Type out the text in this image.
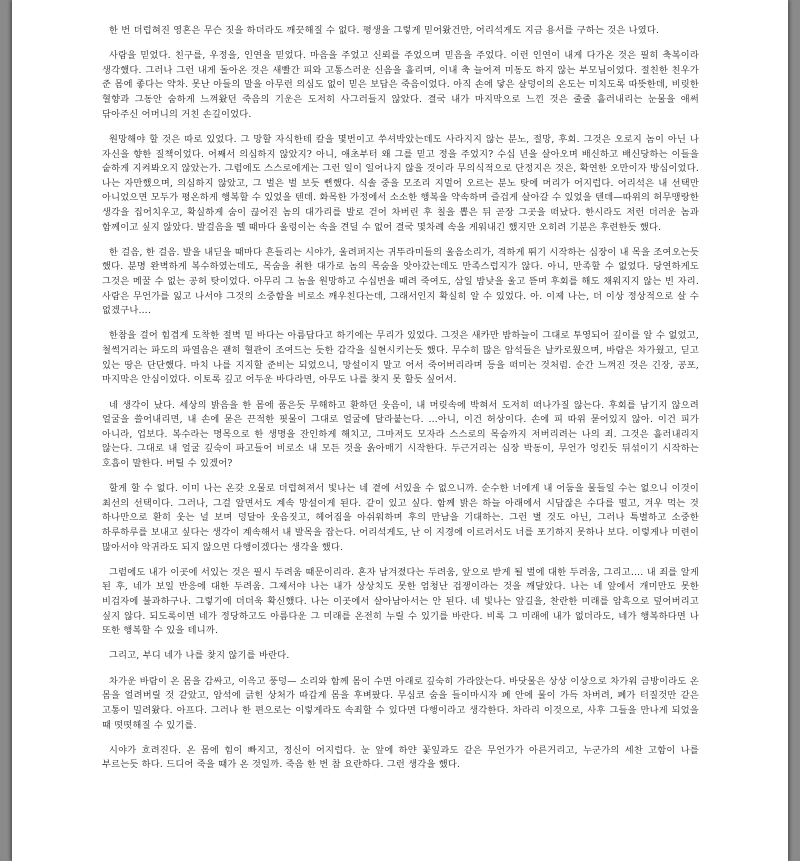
한 번 더럽혀진 영혼은 무슨 짓을 하더라도 깨끗해질 수 없다. 평생을 그렇게 믿어왔건만, 어리석게도 지금 용서를 구하는 것은 나였다.

사람을 믿었다. 친구를, 우정을, 인연을 믿었다. 마음을 주었고 신뢰를 주었으며 믿음을 주었다. 이런 인연이 내게 다가온 것은 필히 축복이라 생각했다. 그러나 그런 내게 돌아온 것은 새빨간 피와 고통스러운 신음을 흘리며, 이내 축 늘어져 미동도 하지 않는 부모님이었다. 절친한 친우가 준 몸에 좋다는 약차. 못난 아들의 말을 아무런 의심도 없이 믿은 보답은 죽음이었다. 아직 손에 닿은 살덩이의 온도는 미치도록 따뜻한데, 비릿한 혈향과 그동안 숨하게 느껴왔던 죽음의 기운은 도저히 사그러들지 않았다. 결국 내가 마지막으로 느낀 것은 줄줄 흘러내리는 눈물을 애써 닦아주신 어머니의 거친 손길이었다.

원망해야 할 것은 따로 있었다. 그 망할 자식한테 칼을 몇번이고 쑤셔박았는데도 사라지지 않는 분노, 절망, 후회. 그것은 오로지 놈이 아닌 나 자신을 향한 질책이었다. 어째서 의심하지 않았지? 아니, 애초부터 왜 그를 믿고 정을 주었지? 수십 년을 살아오며 배신하고 배신당하는 이들을 숱하게 지켜봐오지 않았는가. 그럼에도 스스로에게는 그런 일이 일어나지 않을 것이라 무의식적으로 단정지은 것은, 확연한 오만이자 방심이었다. 나는 자만했으며, 의심하지 않았고, 그 벌은 벌 보듯 뻔했다. 식솔 중을 모조리 지멀어 오르는 분노 탓에 머리가 어지럽다. 어리석은 내 선택만 아니었으면 모두가 평온하게 행복할 수 있었을 텐데. 화목한 가정에서 소소한 행복을 약속하며 즐겁게 살아갈 수 있었을 텐데—따위의 허무맹랑한 생각을 집어치우고, 확실하게 숨이 끊어진 놈의 대가리를 발로 걷어 차버린 후 칠을 뽑은 뒤 곧장 그곳을 떠났다. 한시라도 저런 더러운 놈과 함께이고 싶지 않았다. 발걸음을 뗄 때마다 울렁이는 속을 견딜 수 없어 결국 몇차례 속을 게워내긴 했지만 오히려 기분은 후련한듯 했다.

한 걸음, 한 걸음. 발을 내딛을 때마다 흔들리는 시야가, 울려퍼지는 귀뚜라미들의 울음소리가, 격하게 뛰기 시작하는 심장이 내 목을 조여오는듯 했다. 분명 완벽하게 복수하였는데도, 목숨을 취한 대가로 놈의 목숨을 앗아갔는데도 만족스럽지가 않다. 아니, 만족할 수 없었다. 당연하게도 그것은 메꿀 수 없는 공허 탓이었다. 아무리 그 놈을 원망하고 수십번을 때려 죽여도, 삼일 밤낮을 울고 뜯며 후회를 해도 채워지지 않는 빈 자리. 사람은 무언가를 잃고 나서야 그것의 소중함을 비로소 깨우친다는데, 그래서인지 확실히 알 수 있었다. 아. 이제 나는, 더 이상 정상적으로 살 수 없겠구나….

한참을 걸어 힘겹게 도착한 절벽 밑 바다는 아름답다고 하기에는 무리가 있었다. 그것은 새카만 밤하늘이 그대로 투영되어 깊이를 알 수 없었고, 철썩거리는 파도의 파열음은 괜히 혈관이 조여드는 듯한 감각을 실현시키는듯 했다. 무수히 많은 암석들은 날카로웠으며, 바람은 차가웠고, 딛고 있는 땅은 단단했다. 마치 나를 지지할 준비는 되었으니, 망설이지 말고 어서 죽어버리라며 등을 떠미는 것처럼. 순간 느껴진 것은 긴장, 공포, 마지막은 안심이었다. 이토록 깊고 어두운 바다라면, 아무도 나를 찾지 못 할듯 싶어서.

네 생각이 났다. 세상의 밝음을 한 몸에 품은듯 무해하고 환하던 웃음이, 내 머릿속에 박혀서 도저히 떠나가질 않는다. 후회를 남기지 않으려 얼굴을 쓸어내리면, 내 손에 묻은 끈적한 핏물이 그대로 얼굴에 달라붙는다. …아니, 이건 허상이다. 손에 피 따위 묻어있지 않아. 이건 피가 아니라, 업보다. 복수라는 명목으로 한 생명을 잔인하게 해치고, 그마저도 모자라 스스로의 목숨까지 저버리려는 나의 죄. 그것은 흘러내리지 않는다. 그대로 내 얼굴 깊숙이 파고들어 비로소 내 모든 것을 옭아매기 시작한다. 두근거리는 심장 박동이, 무언가 엉킨듯 뒤섞이기 시작하는 호흡이 말한다. 버틸 수 있겠어?

할게 할 수 없다. 이미 나는 온갖 오물로 더럽혀져서 빛나는 네 곁에 서있을 수 없으니까. 순수한 너에게 내 어둠을 물들일 수는 없으니 이것이 최선의 선택이다. 그러나, 그걸 알면서도 계속 망설이게 된다. 같이 있고 싶다. 함께 밝은 하늘 아래에서 시답잖은 수다를 떨고, 겨우 먹는 것 하나만으로 환히 웃는 널 보며 덩달아 웃음짓고, 헤어짐을 아쉬워하며 후의 만남을 기대하는. 그런 별 것도 아닌, 그러나 특별하고 소중한 하루하루를 보내고 싶다는 생각이 계속해서 내 발목을 잡는다. 어리석게도, 난 이 지경에 이르러서도 너를 포기하지 못하나 보다. 이렇게나 미련이 많아서야 악귀라도 되지 않으면 다행이겠다는 생각을 했다.

그럼에도 내가 이곳에 서있는 것은 필시 두려움 때문이리라. 혼자 남겨졌다는 두려움, 앞으로 받게 될 벌에 대한 두려움, 그리고…. 내 죄를 알게 된 후, 네가 보일 반응에 대한 두려움. 그제서야 나는 내가 상상치도 못한 엄청난 겁쟁이라는 것을 깨달았다. 나는 네 앞에서 개미만도 못한 비겁자에 불과하구나. 그렇기에 더더욱 확신했다. 나는 이곳에서 살아남아서는 안 된다. 네 빛나는 앞길을, 찬란한 미래를 암흑으로 덮어버리고 싶지 않다. 되도록이면 네가 정당하고도 아름다운 그 미래를 온전히 누릴 수 있기를 바란다. 비록 그 미래에 내가 없더라도, 네가 행복하다면 나 또한 행복할 수 있을 테니까.

그리고, 부디 네가 나를 찾지 않기를 바란다.

차가운 바람이 온 몸을 감싸고, 이윽고 풍덩— 소리와 함께 몸이 수면 아래로 깊숙히 가라앉는다. 바닷물은 상상 이상으로 차가워 금방이라도 온 몸을 얼려버릴 것 같았고, 암석에 긁힌 상처가 따갑게 몸을 후벼팠다. 무심코 숨을 들이마시자 폐 안에 물이 가득 차버려, 폐가 터질것만 같은 고통이 밀려왔다. 아프다. 그러나 한 편으로는 이렇게라도 속죄할 수 있다면 다행이라고 생각한다. 차라리 이것으로, 사후 그들을 만나게 되었을 때 떳떳해질 수 있기를.

시야가 흐려진다. 온 몸에 힘이 빠지고, 정신이 어지럽다. 눈 앞에 하얀 꽃잎과도 같은 무언가가 아른거리고, 누군가의 세찬 고함이 나를 부르는듯 하다. 드디어 죽을 때가 온 것일까. 죽음 한 번 참 요란하다. 그런 생각을 했다.
